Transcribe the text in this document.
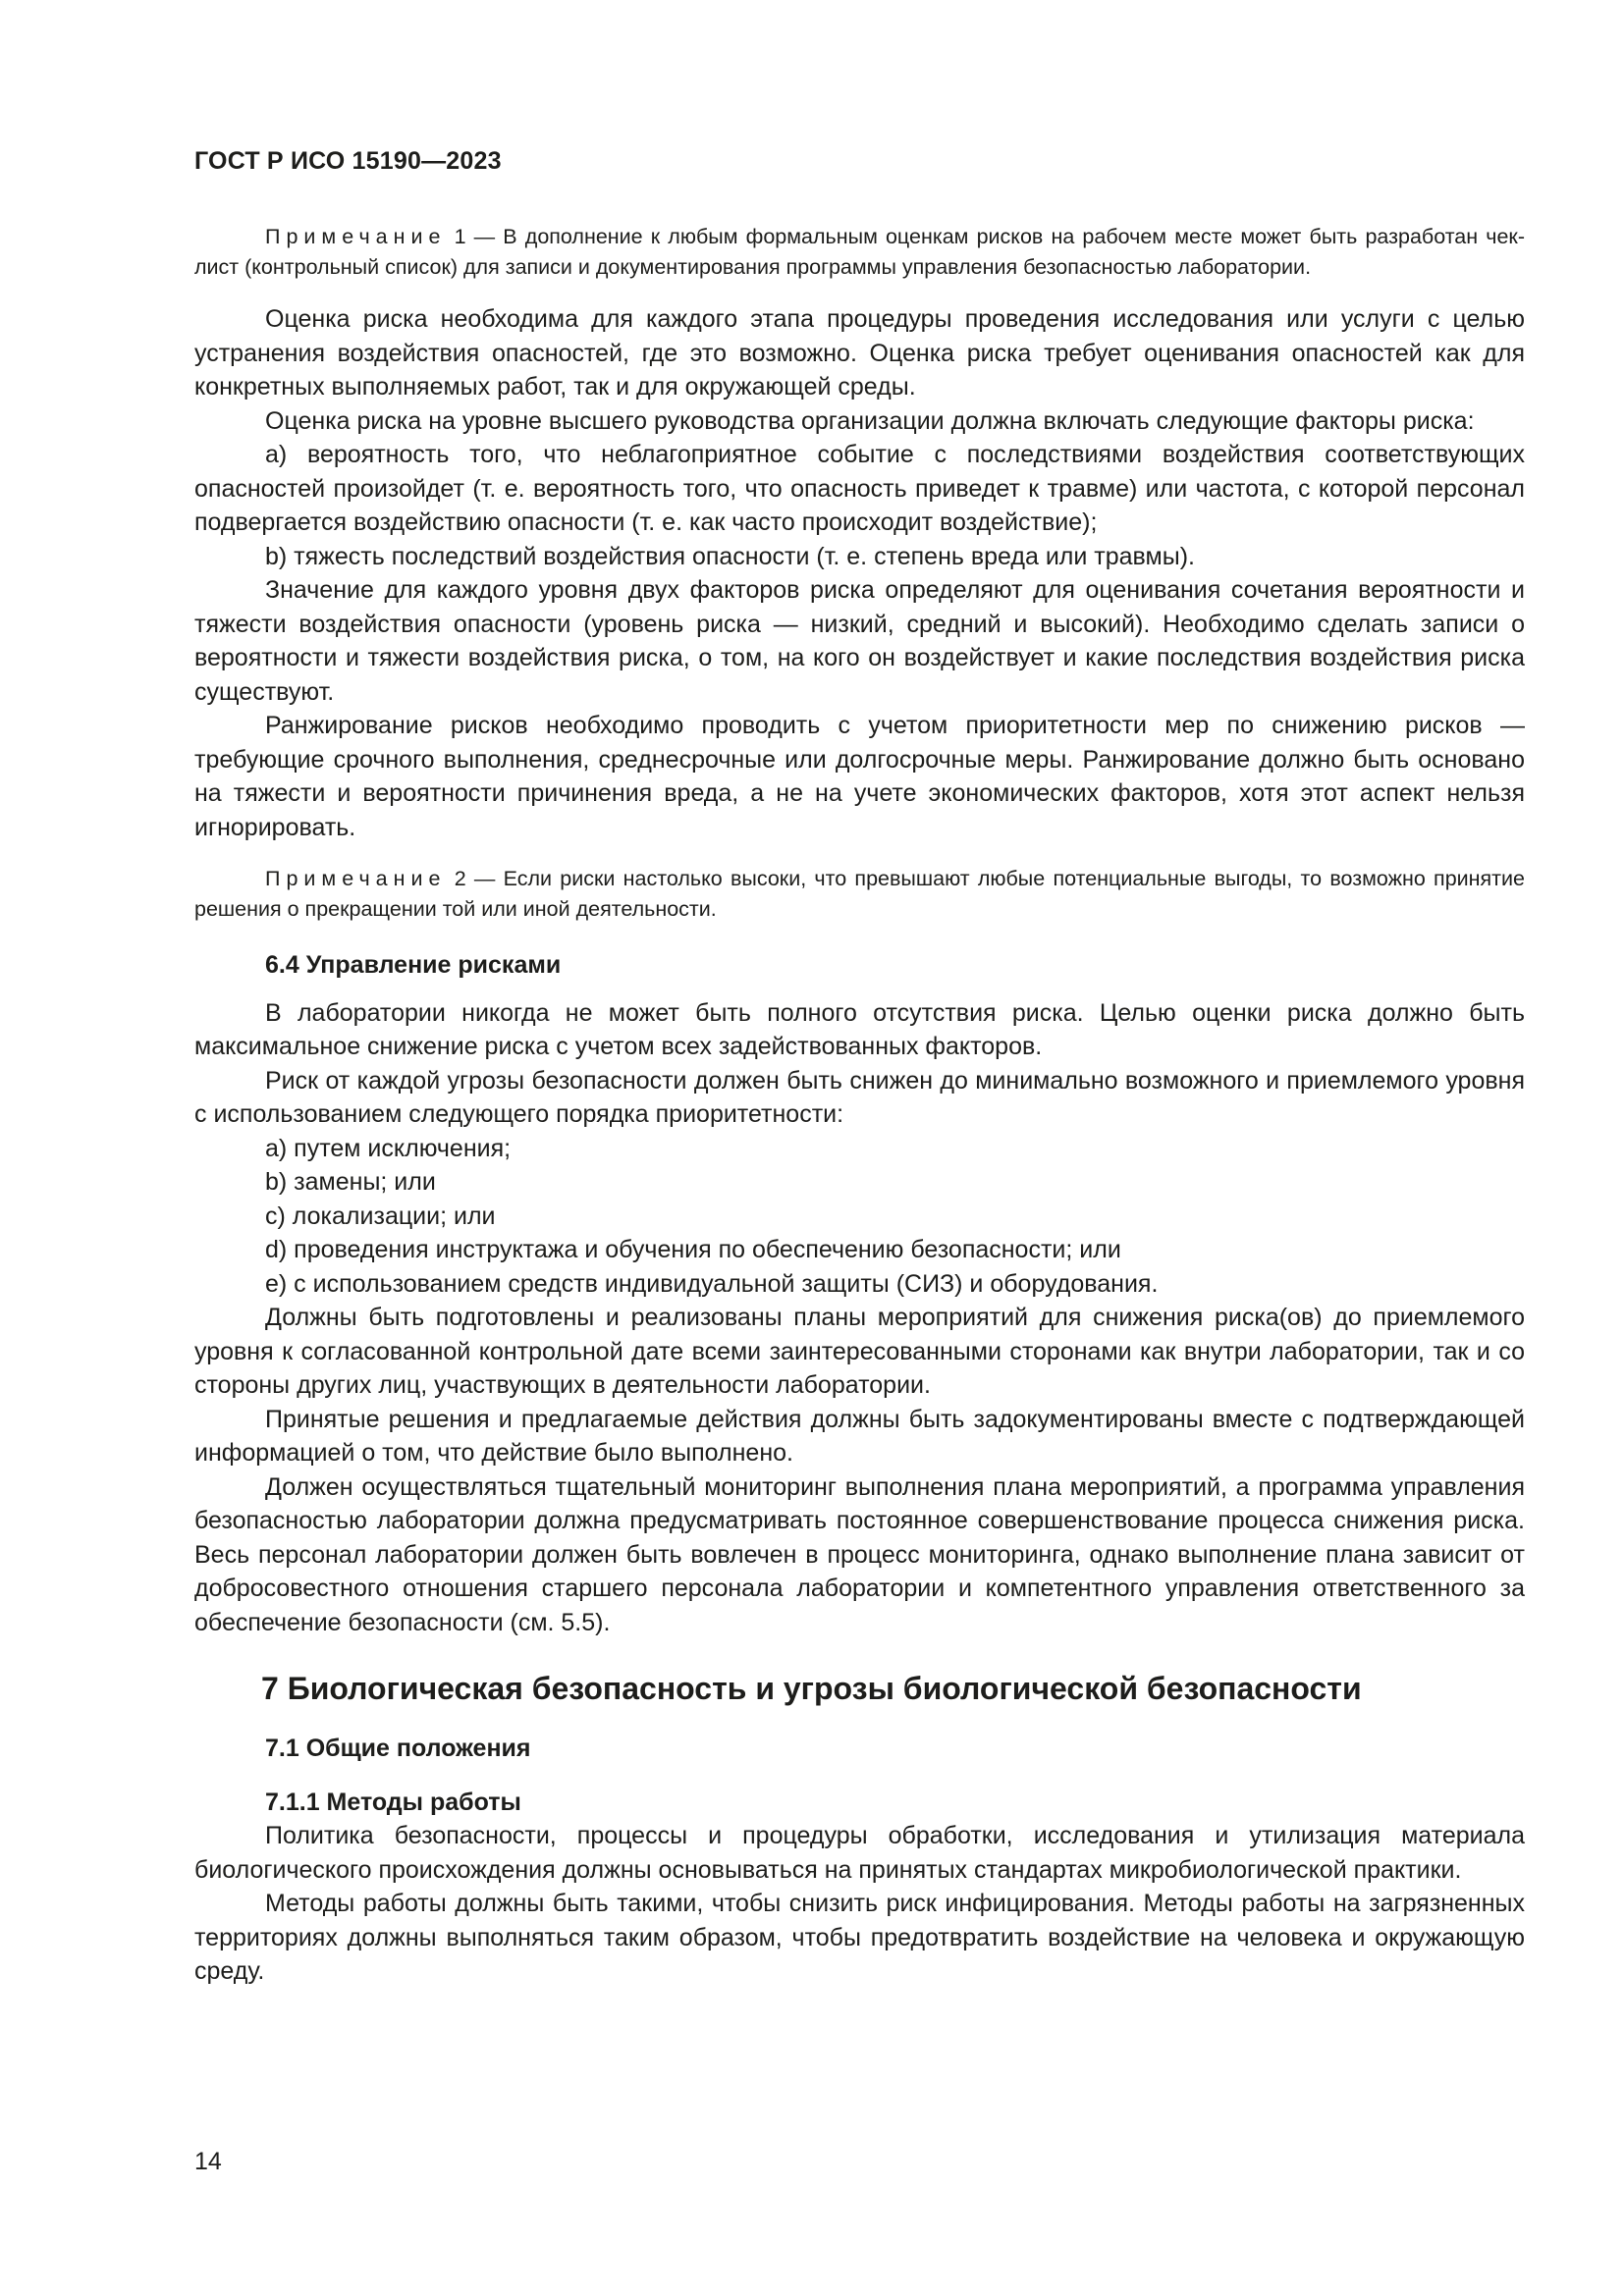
ГОСТ Р ИСО 15190—2023

Примечание 1 — В дополнение к любым формальным оценкам рисков на рабочем месте может быть разработан чек-лист (контрольный список) для записи и документирования программы управления безопасностью лаборатории.

Оценка риска необходима для каждого этапа процедуры проведения исследования или услуги с целью устранения воздействия опасностей, где это возможно. Оценка риска требует оценивания опасностей как для конкретных выполняемых работ, так и для окружающей среды.

Оценка риска на уровне высшего руководства организации должна включать следующие факторы риска:

a) вероятность того, что неблагоприятное событие с последствиями воздействия соответствующих опасностей произойдет (т. е. вероятность того, что опасность приведет к травме) или частота, с которой персонал подвергается воздействию опасности (т. е. как часто происходит воздействие);

b) тяжесть последствий воздействия опасности (т. е. степень вреда или травмы).

Значение для каждого уровня двух факторов риска определяют для оценивания сочетания вероятности и тяжести воздействия опасности (уровень риска — низкий, средний и высокий). Необходимо сделать записи о вероятности и тяжести воздействия риска, о том, на кого он воздействует и какие последствия воздействия риска существуют.

Ранжирование рисков необходимо проводить с учетом приоритетности мер по снижению рисков — требующие срочного выполнения, среднесрочные или долгосрочные меры. Ранжирование должно быть основано на тяжести и вероятности причинения вреда, а не на учете экономических факторов, хотя этот аспект нельзя игнорировать.

Примечание 2 — Если риски настолько высоки, что превышают любые потенциальные выгоды, то возможно принятие решения о прекращении той или иной деятельности.

6.4 Управление рисками

В лаборатории никогда не может быть полного отсутствия риска. Целью оценки риска должно быть максимальное снижение риска с учетом всех задействованных факторов.

Риск от каждой угрозы безопасности должен быть снижен до минимально возможного и приемлемого уровня с использованием следующего порядка приоритетности:

a) путем исключения;

b) замены; или

c) локализации; или

d) проведения инструктажа и обучения по обеспечению безопасности; или

e) с использованием средств индивидуальной защиты (СИЗ) и оборудования.

Должны быть подготовлены и реализованы планы мероприятий для снижения риска(ов) до приемлемого уровня к согласованной контрольной дате всеми заинтересованными сторонами как внутри лаборатории, так и со стороны других лиц, участвующих в деятельности лаборатории.

Принятые решения и предлагаемые действия должны быть задокументированы вместе с подтверждающей информацией о том, что действие было выполнено.

Должен осуществляться тщательный мониторинг выполнения плана мероприятий, а программа управления безопасностью лаборатории должна предусматривать постоянное совершенствование процесса снижения риска. Весь персонал лаборатории должен быть вовлечен в процесс мониторинга, однако выполнение плана зависит от добросовестного отношения старшего персонала лаборатории и компетентного управления ответственного за обеспечение безопасности (см. 5.5).

7 Биологическая безопасность и угрозы биологической безопасности

7.1 Общие положения

7.1.1 Методы работы

Политика безопасности, процессы и процедуры обработки, исследования и утилизация материала биологического происхождения должны основываться на принятых стандартах микробиологической практики.

Методы работы должны быть такими, чтобы снизить риск инфицирования. Методы работы на загрязненных территориях должны выполняться таким образом, чтобы предотвратить воздействие на человека и окружающую среду.

14
